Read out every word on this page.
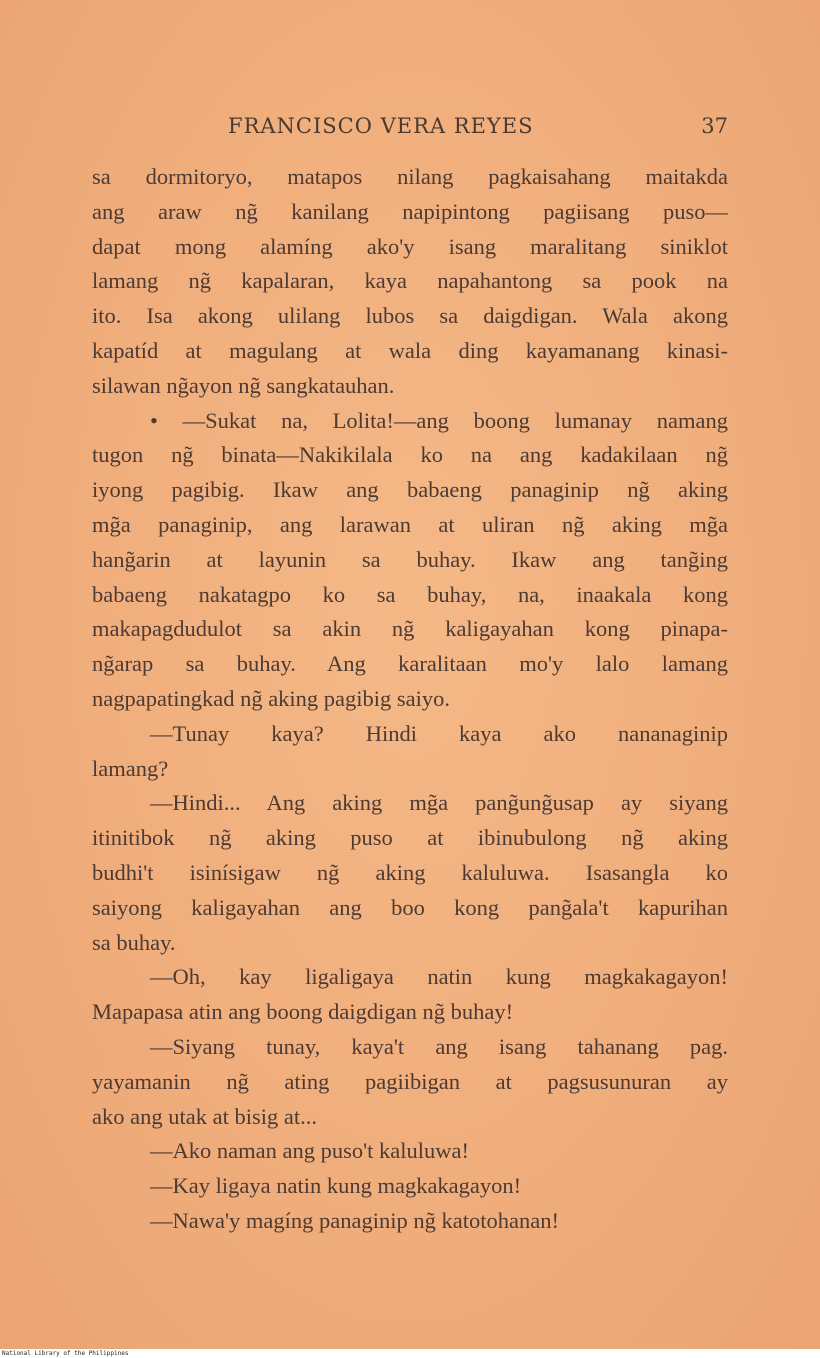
FRANCISCO VERA REYES	37
sa dormitoryo, matapos nilang pagkaisahang maitakda
ang araw ng̃ kanilang napipintong pagiisang puso—
dapat mong alamíng ako'y isang maralitang siniklot
lamang ng̃ kapalaran, kaya napahantong sa pook na
ito. Isa akong ulilang lubos sa daigdigan. Wala akong
kapatíd at magulang at wala ding kayamanang kinasi-
silawan ng̃ayon ng̃ sangkatauhan.
• —Sukat na, Lolita!—ang boong lumanay namang
tugon ng̃ binata—Nakikilala ko na ang kadakilaan ng̃
iyong pagibig. Ikaw ang babaeng panaginip ng̃ aking
mg̃a panaginip, ang larawan at uliran ng̃ aking mg̃a
hang̃arin at layunin sa buhay. Ikaw ang tang̃ing
babaeng nakatagpo ko sa buhay, na, inaakala kong
makapagdudulot sa akin ng̃ kaligayahan kong pinapa-
ng̃arap sa buhay. Ang karalitaan mo'y lalo lamang
nagpapatingkad ng̃ aking pagibig saiyo.
—Tunay kaya? Hindi kaya ako nananaginip
lamang?
—Hindi... Ang aking mg̃a pang̃ung̃usap ay siyang
itinitibok ng̃ aking puso at ibinubulong ng̃ aking
budhi't isinísigaw ng̃ aking kaluluwa. Isasangla ko
saiyong kaligayahan ang boo kong pang̃ala't kapurihan
sa buhay.
—Oh, kay ligaligaya natin kung magkakagayon!
Mapapasa atin ang boong daigdigan ng̃ buhay!
—Siyang tunay, kaya't ang isang tahanang pag.
yayamanin ng̃ ating pagiibigan at pagsusunuran ay
ako ang utak at bisig at...
—Ako naman ang puso't kaluluwa!
—Kay ligaya natin kung magkakagayon!
—Nawa'y magíng panaginip ng̃ katotohanan!
National Library of the Philippines
